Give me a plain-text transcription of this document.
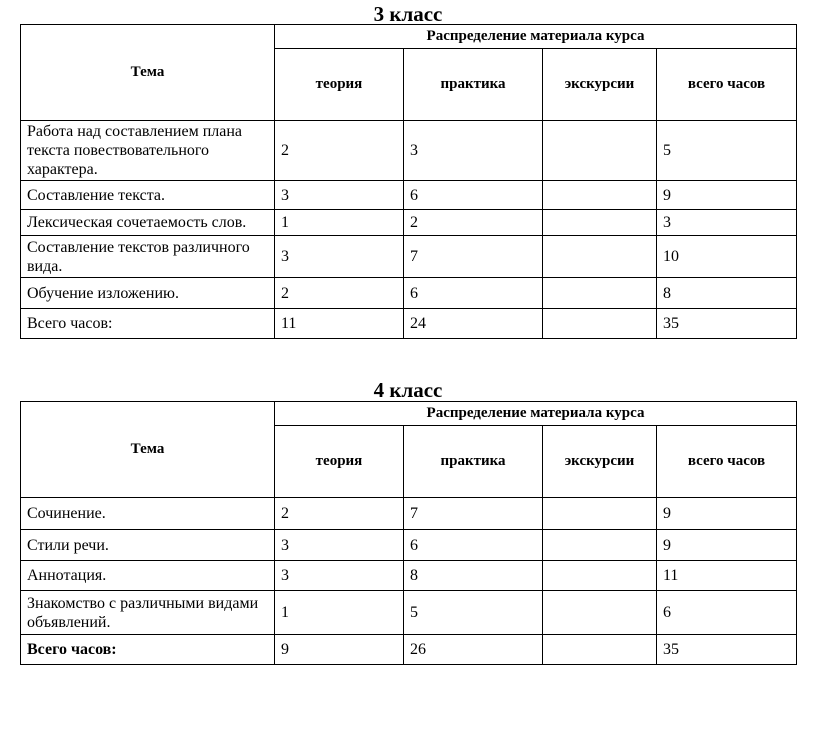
3 класс
Тема	Распределение материала курса			
	теория	практика	экскурсии	всего часов
Работа над составлением плана текста повествовательного характера.	2	3		5
Составление текста.	3	6		9
Лексическая сочетаемость слов.	1	2		3
Составление текстов различного вида.	3	7		10
Обучение изложению.	2	6		8
Всего часов:	11	24		35
4 класс
Тема	Распределение материала курса			
	теория	практика	экскурсии	всего часов
Сочинение.	2	7		9
Стили речи.	3	6		9
Аннотация.	3	8		11
Знакомство с различными видами объявлений.	1	5		6
Всего часов:	9	26		35
